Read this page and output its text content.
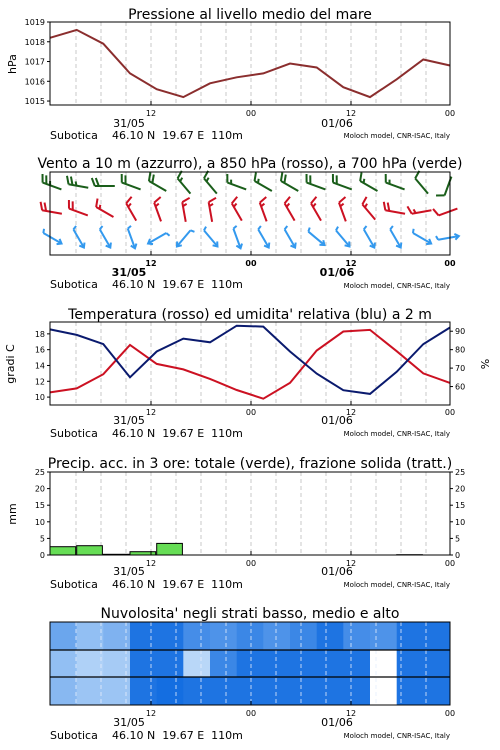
Pressione al livello medio del mare
hPa
1015
1016
1017
1018
1019
12	00	12	00
31/05	01/06
Subotica 46.10 N  19.67 E  110m	Moloch model, CNR-ISAC, Italy
Vento a 10 m (azzurro), a 850 hPa (rosso), a 700 hPa (verde)
12	00	12	00
31/05	01/06
Subotica 46.10 N  19.67 E  110m	Moloch model, CNR-ISAC, Italy
Temperatura (rosso) ed umidita' relativa (blu) a 2 m
gradi C	%
10
12
14
16
18
60
70
80
90
12	00	12	00
31/05	01/06
Subotica 46.10 N  19.67 E  110m	Moloch model, CNR-ISAC, Italy
Precip. acc. in 3 ore: totale (verde), frazione solida (tratt.)
mm
0
5
10
15
20
25
0
5
10
15
20
25
12	00	12	00
31/05	01/06
Subotica 46.10 N  19.67 E  110m	Moloch model, CNR-ISAC, Italy
Nuvolosita' negli strati basso, medio e alto
12	00	12	00
31/05	01/06
Subotica 46.10 N  19.67 E  110m	Moloch model, CNR-ISAC, Italy
